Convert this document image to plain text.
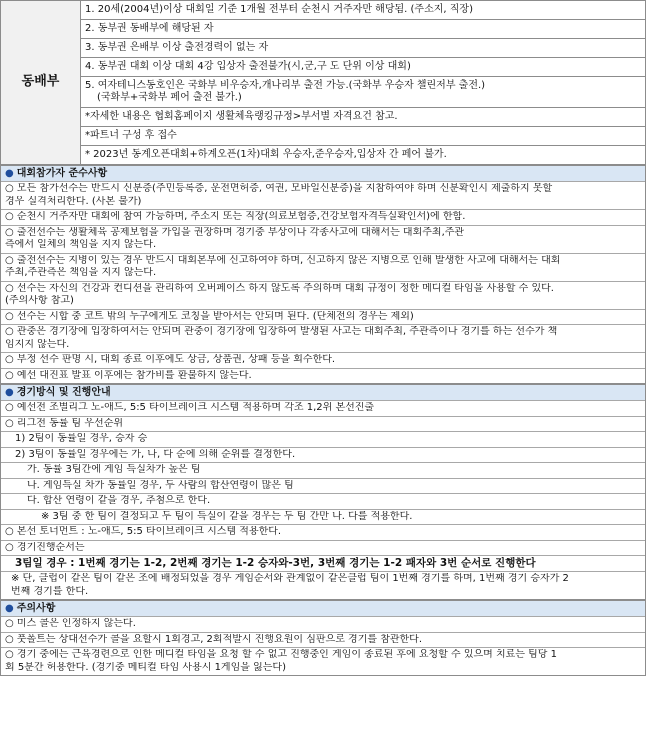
동배부	1. 20세(2004년)이상 대회일 기준 1개월 전부터 순천시 거주자만 해당됨. (주소지, 직장)
2. 동부권 동배부에 해당된 자
3. 동부권 은배부 이상 출전경력이 없는 자
4. 동부권 대회 이상 대회 4강 입상자 출전불가(시,군,구 도 단위 이상 대회)

5. 여자테니스동호인은 국화부 비우승자,개나리부 출전 가능.(국화부 우승자 챌린저부 출전.)
(국화부+국화부 페어 출전 불가.)

*자세한 내용은 협회홈페이지 생활체육랭킹규정>부서별 자격요건 참고.
*파트너 구성 후 접수
* 2023년 동계오픈대회+하계오픈(1차)대회 우승자,준우승자,입상자 간 페어 불가.
● 대회참가자 준수사항
○ 모든 참가선수는 반드시 신분증(주민등록증, 운전면허증, 여권, 모바일신분증)을 지참하여야 하며 신분확인시 제출하지 못할
경우 실격처리한다. (사본 불가)
○ 순천시 거주자만 대회에 참여 가능하며, 주소지 또는 직장(의료보험증,건강보험자격득실확인서)에 한함.
○ 출전선수는 생활체육 공제보험을 가입을 권장하며 경기중 부상이나 각종사고에 대해서는 대회주최,주관
측에서 일체의 책임을 지지 않는다.
○ 출전선수는 지병이 있는 경우 반드시 대회본부에 신고하여야 하며, 신고하지 않은 지병으로 인해 발생한 사고에 대해서는 대회
주최,주관측은 책임을 지지 않는다.
○ 선수는 자신의 건강과 컨디션을 관리하여 오버페이스 하지 않도록 주의하며 대회 규정이 정한 메디컬 타임을 사용할 수 있다.
(주의사항 참고)
○ 선수는 시합 중 코트 밖의 누구에게도 코칭을 받아서는 안되며 된다. (단체전의 경우는 제외)
○ 관중은 경기장에 입장하여서는 안되며 관중이 경기장에 입장하여 발생된 사고는 대회주최, 주관측이나 경기를 하는 선수가 책
임지지 않는다.
○ 부정 선수 판명 시, 대회 종료 이후에도 상금, 상품권, 상패 등을 회수한다.
○ 예선 대진표 발표 이후에는 참가비를 환불하지 않는다.
● 경기방식 및 진행안내
○ 예선전 조별리그 노-애드, 5:5 타이브레이크 시스템 적용하며 각조 1,2위 본선진출
○ 리그전 동률 팀 우선순위
1) 2팀이 동률일 경우, 승자 승
2) 3팀이 동률일 경우에는 가, 나, 다 순에 의해 순위를 결정한다.
가. 동률 3팀간에 게임 득실차가 높은 팀
나. 게임득실 차가 동률일 경우, 두 사람의 합산연령이 많은 팀
다. 합산 연령이 같을 경우, 추첨으로 한다.
※ 3팀 중 한 팀이 결정되고 두 팀이 득실이 같을 경우는 두 팀 간만 나. 다를 적용한다.
○ 본선 토너먼트 : 노-애드, 5:5 타이브레이크 시스템 적용한다.
○ 경기진행순서는
3팀일 경우 : 1번째 경기는 1-2, 2번째 경기는 1-2 승자와-3번, 3번째 경기는 1-2 패자와 3번 순서로 진행한다
※ 단, 클럽이 같은 팀이 같은 조에 배정되었을 경우 게임순서와 관계없이 같은클럽 팀이 1번째 경기를 하며, 1번째 경기 승자가 2
번째 경기를 한다.
● 주의사항
○ 미스 콜은 인정하지 않는다.
○ 풋폴트는 상대선수가 콜을 요할시 1회경고, 2회적발시 진행요원이 심판으로 경기를 참관한다.
○ 경기 중에는 근육경련으로 인한 메디컬 타임을 요청 할 수 없고 진행중인 게임이 종료된 후에 요청할 수 있으며 치료는 팀당 1
회 5분간 허용한다. (경기중 메티컬 타임 사용시 1게임을 잃는다)
